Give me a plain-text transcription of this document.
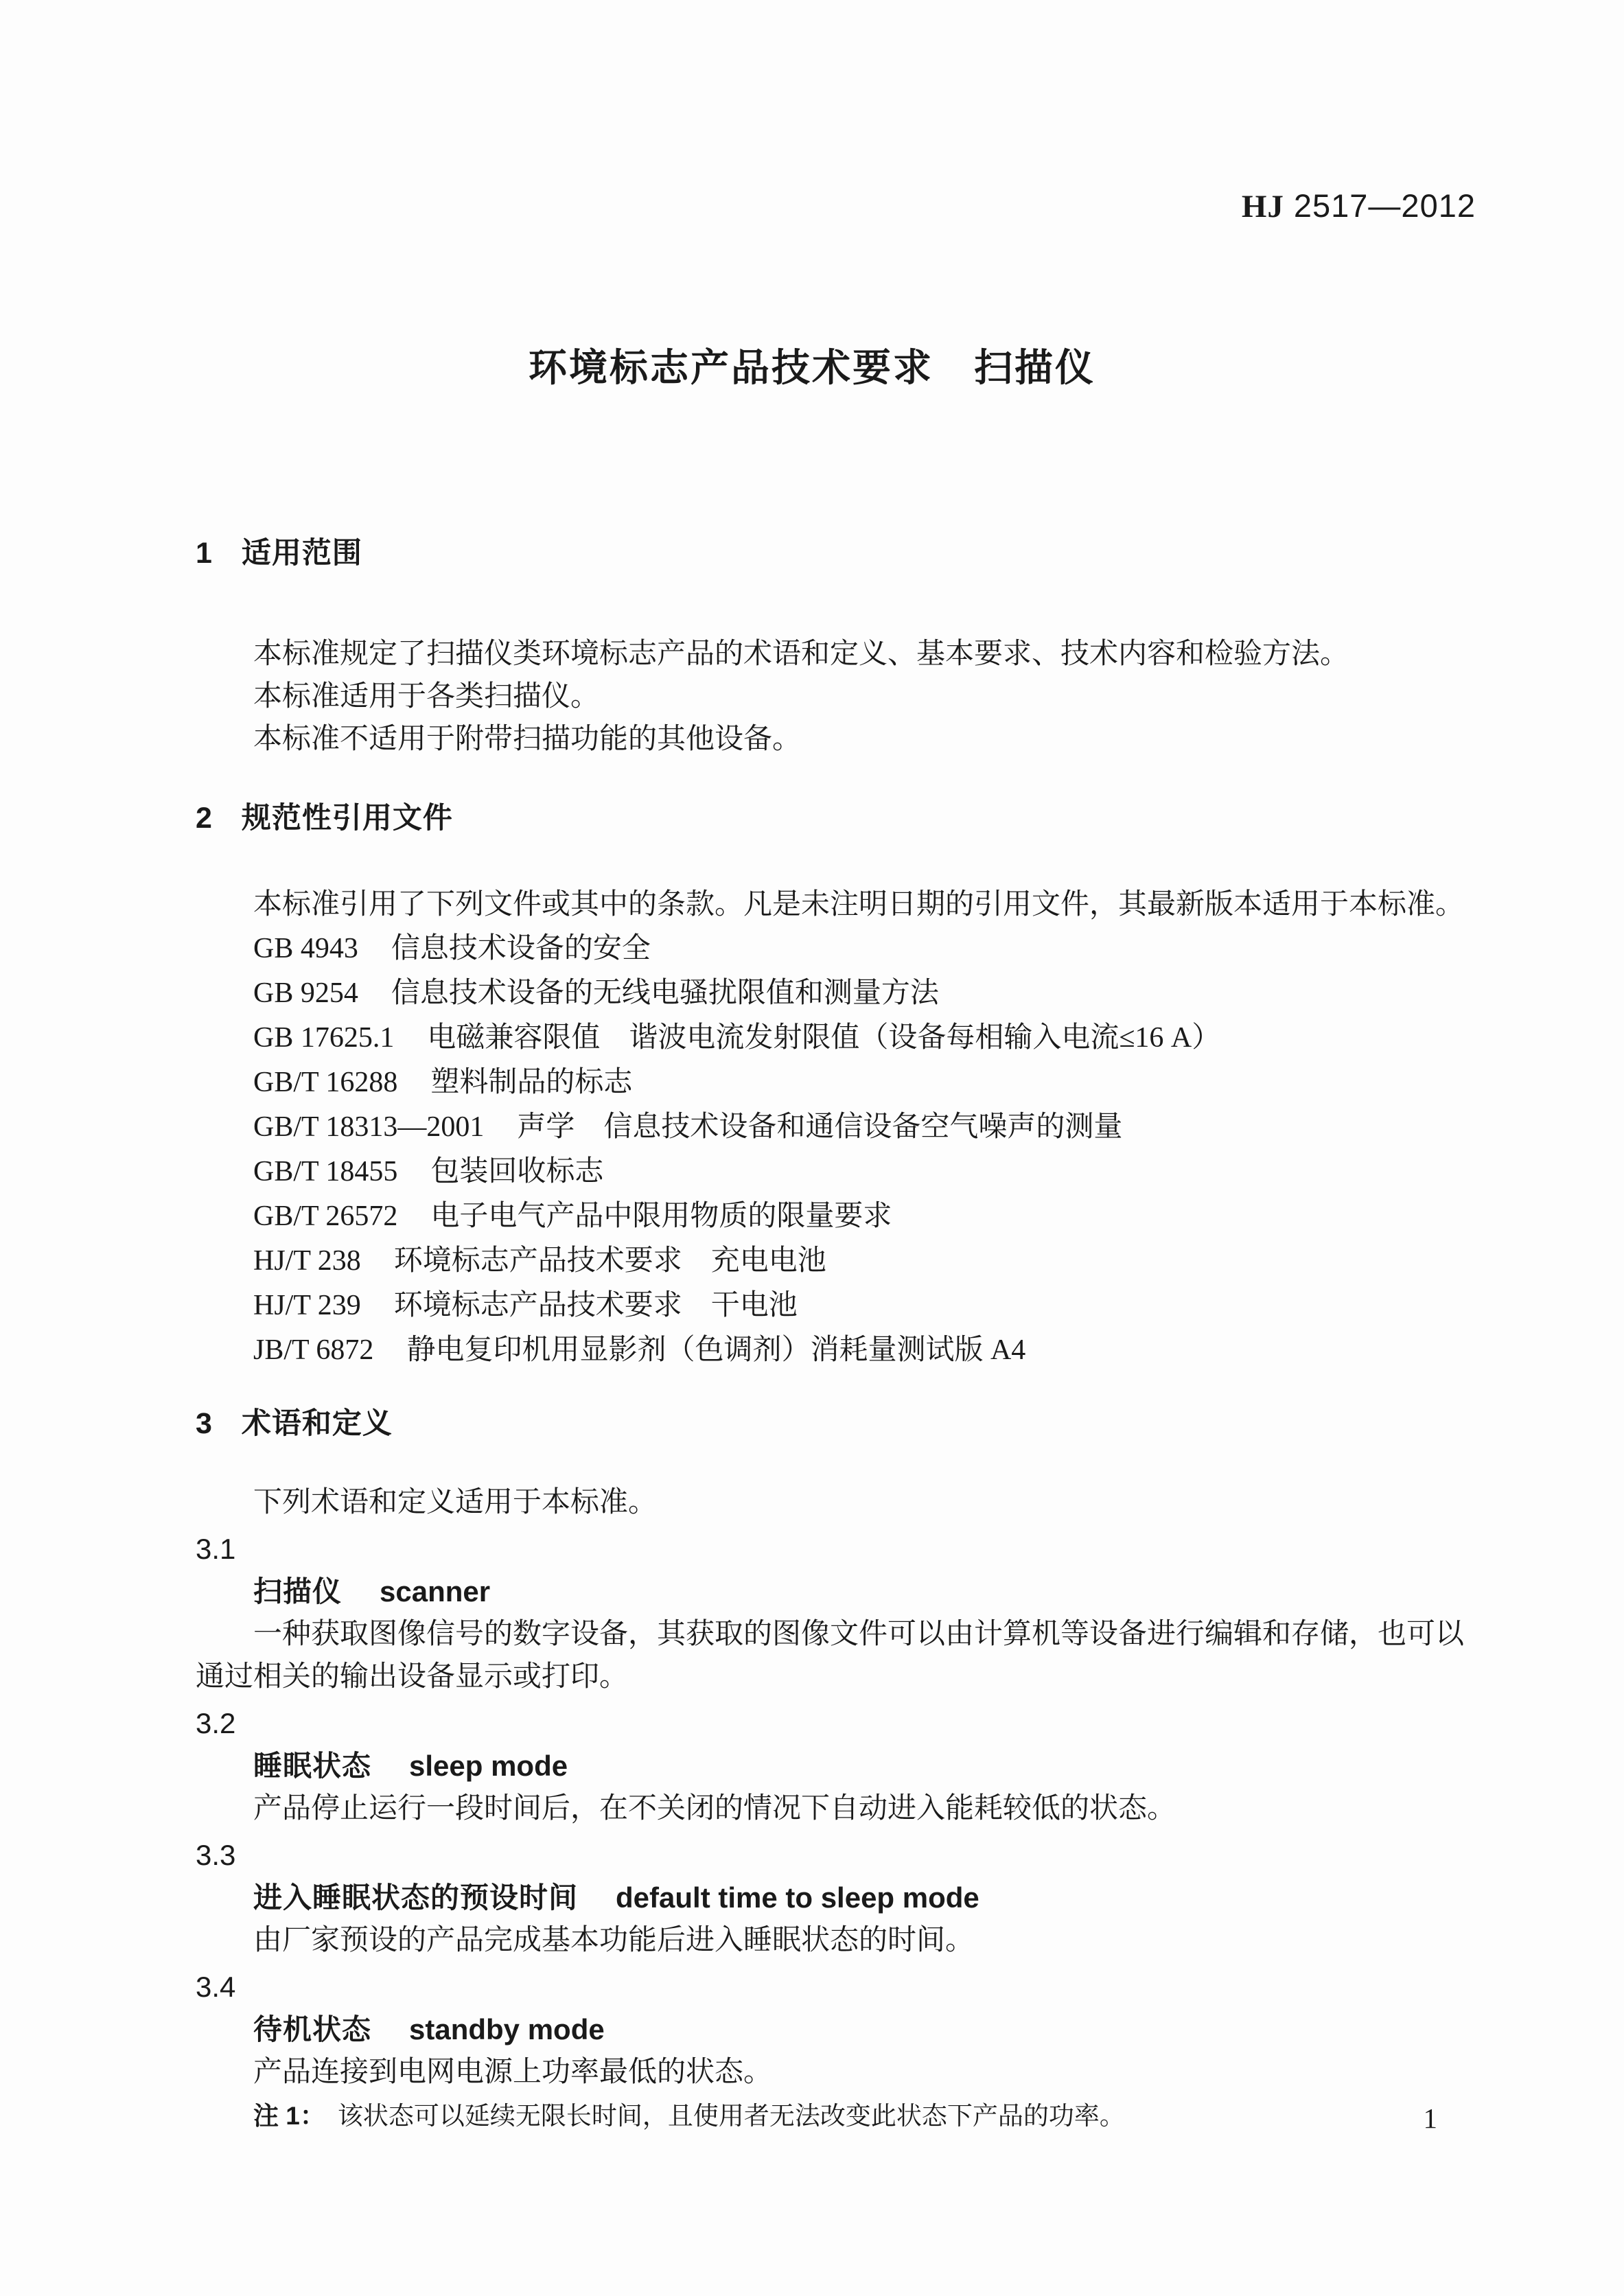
HJ 2517—2012
环境标志产品技术要求　扫描仪
1 适用范围

本标准规定了扫描仪类环境标志产品的术语和定义、基本要求、技术内容和检验方法。

本标准适用于各类扫描仪。

本标准不适用于附带扫描功能的其他设备。

2 规范性引用文件

本标准引用了下列文件或其中的条款。凡是未注明日期的引用文件，其最新版本适用于本标准。

GB 4943 信息技术设备的安全
GB 9254 信息技术设备的无线电骚扰限值和测量方法
GB 17625.1 电磁兼容限值　谐波电流发射限值（设备每相输入电流≤16 A）
GB/T 16288 塑料制品的标志
GB/T 18313—2001 声学　信息技术设备和通信设备空气噪声的测量
GB/T 18455 包装回收标志
GB/T 26572 电子电气产品中限用物质的限量要求
HJ/T 238 环境标志产品技术要求　充电电池
HJ/T 239 环境标志产品技术要求　干电池
JB/T 6872 静电复印机用显影剂（色调剂）消耗量测试版 A4
3 术语和定义

下列术语和定义适用于本标准。

3.1
扫描仪 scanner

一种获取图像信号的数字设备，其获取的图像文件可以由计算机等设备进行编辑和存储，也可以通过相关的输出设备显示或打印。

3.2
睡眠状态 sleep mode

产品停止运行一段时间后，在不关闭的情况下自动进入能耗较低的状态。

3.3
进入睡眠状态的预设时间 default time to sleep mode

由厂家预设的产品完成基本功能后进入睡眠状态的时间。

3.4
待机状态 standby mode

产品连接到电网电源上功率最低的状态。

注 1： 该状态可以延续无限长时间，且使用者无法改变此状态下产品的功率。	1
